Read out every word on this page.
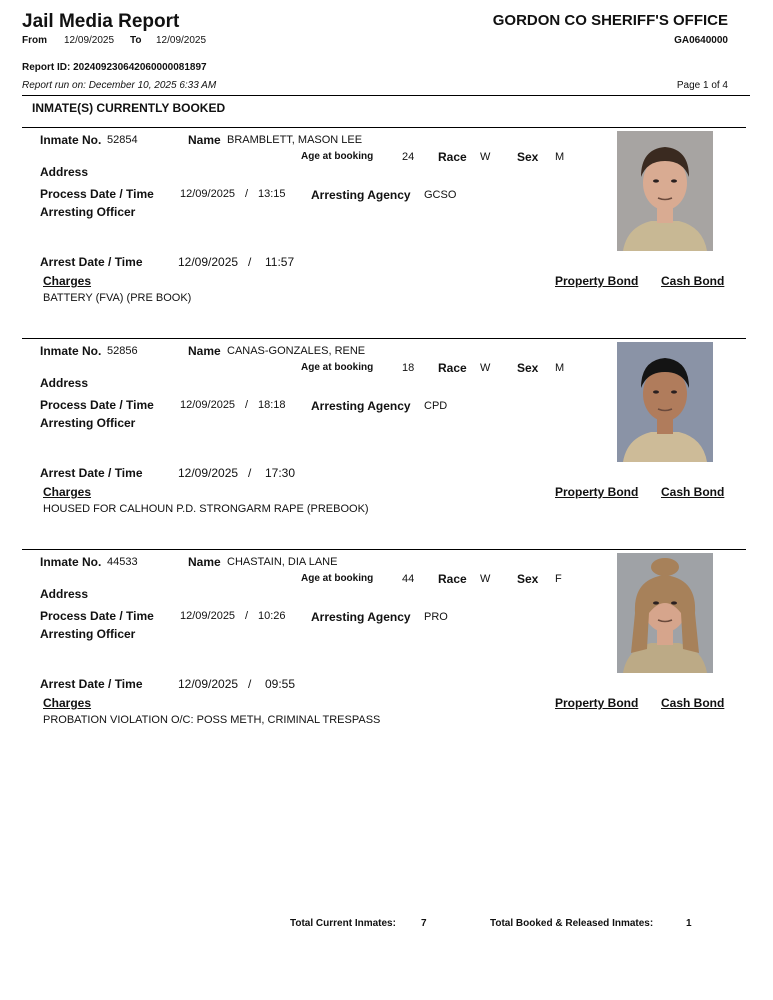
Jail Media Report	GORDON CO SHERIFF'S OFFICE
From 12/09/2025 To 12/09/2025	GA0640000
Report ID: 202409230642060000081897
Report run on: December 10, 2025 6:33 AM	Page 1 of 4
INMATE(S) CURRENTLY BOOKED
Inmate No. 52854	Name BRAMBLETT, MASON LEE
Age at booking	24 Race W Sex M
Address
Process Date / Time 12/09/2025 / 13:15 Arresting Agency GCSO
Arresting Officer
Arrest Date / Time	12/09/2025 / 11:57
Charges	Property Bond Cash Bond
BATTERY (FVA) (PRE BOOK)
Inmate No. 52856	Name CANAS-GONZALES, RENE
Age at booking	18 Race W Sex M
Address
Process Date / Time 12/09/2025 / 18:18 Arresting Agency CPD
Arresting Officer
Arrest Date / Time	12/09/2025 / 17:30
Charges	Property Bond Cash Bond
HOUSED FOR CALHOUN P.D. STRONGARM RAPE (PREBOOK)
Inmate No. 44533	Name CHASTAIN, DIA LANE
Age at booking	44 Race W Sex F
Address
Process Date / Time 12/09/2025 / 10:26 Arresting Agency PRO
Arresting Officer
Arrest Date / Time	12/09/2025 / 09:55
Charges	Property Bond Cash Bond
PROBATION VIOLATION O/C: POSS METH, CRIMINAL TRESPASS
Total Current Inmates:	7	Total Booked & Released Inmates:	1
